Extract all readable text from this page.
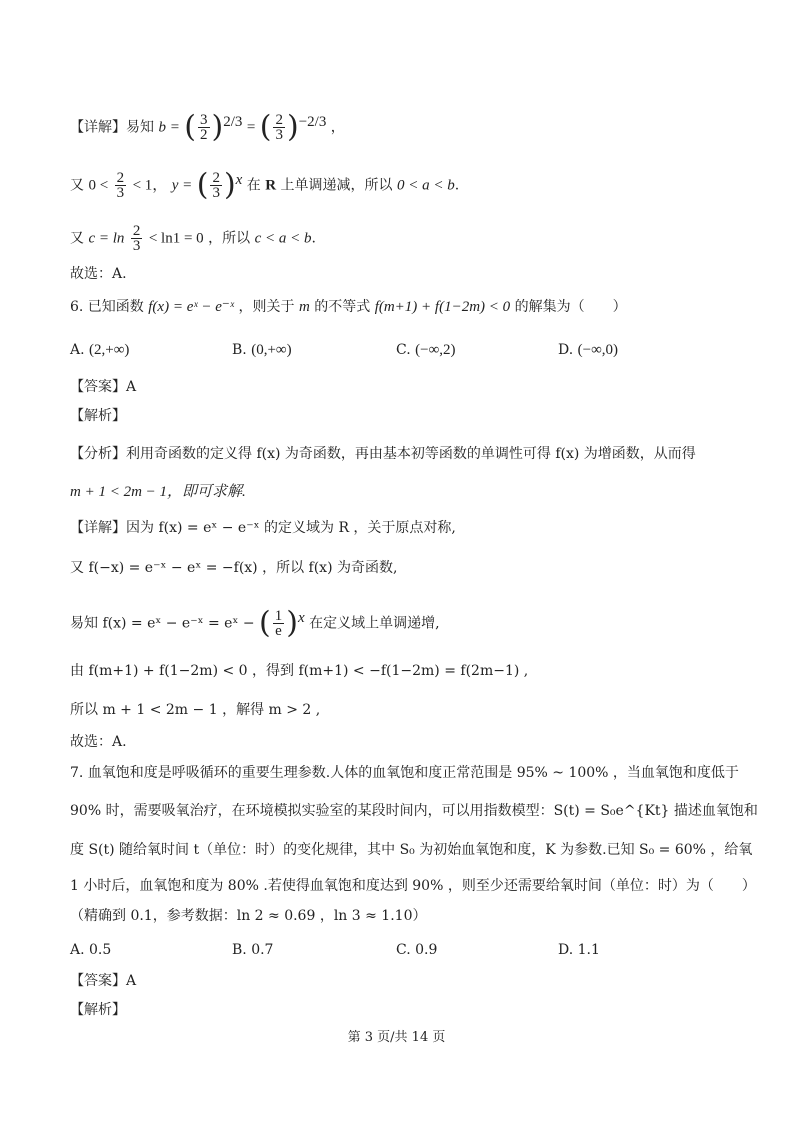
【详解】易知 b = ( $\frac{3}{2} )^{2/3}$ = ( $\frac{2}{3} )^{-2/3}$ ，
又 $0 < \frac{2}{3} < 1$， y = ( $\frac{2}{3} )^x$ 在 R 上单调递减，所以 0 < a < b.
又 $c = \ln \frac{2}{3} < \ln 1 = 0$ ，所以 c < a < b.
故选：A.
6. 已知函数 f(x) = eˣ − e⁻ˣ ，则关于 m 的不等式 f(m+1) + f(1−2m) < 0 的解集为（　　）
A. (2,+∞)	B. (0,+∞)	C. (−∞,2)	D. (−∞,0)
【答案】A
【解析】
【分析】利用奇函数的定义得 f(x) 为奇函数，再由基本初等函数的单调性可得 f(x) 为增函数，从而得
m + 1 < 2m − 1，即可求解.
【详解】因为 f(x) = eˣ − e⁻ˣ 的定义域为 R ，关于原点对称,
又 f(−x) = e⁻ˣ − eˣ = −f(x) ，所以 f(x) 为奇函数,
易知 f(x) = eˣ − e⁻ˣ = eˣ − ( $\frac{1}{e} )^x$ 在定义域上单调递增,
由 f(m+1) + f(1−2m) < 0 ，得到 f(m+1) < −f(1−2m) = f(2m−1) ,
所以 m + 1 < 2m − 1 ，解得 m > 2 ,
故选：A.
7. 血氧饱和度是呼吸循环的重要生理参数.人体的血氧饱和度正常范围是 95% ~ 100% ，当血氧饱和度低于
90% 时，需要吸氧治疗，在环境模拟实验室的某段时间内，可以用指数模型：S(t) = S₀e^{Kt} 描述血氧饱和
度 S(t) 随给氧时间 t（单位：时）的变化规律，其中 S₀ 为初始血氧饱和度，K 为参数.已知 S₀ = 60% ，给氧
1 小时后，血氧饱和度为 80% .若使得血氧饱和度达到 90% ，则至少还需要给氧时间（单位：时）为（　　）
（精确到 0.1，参考数据：ln 2 ≈ 0.69 ，ln 3 ≈ 1.10）
A. 0.5	B. 0.7	C. 0.9	D. 1.1
【答案】A
【解析】
第 3 页/共 14 页
